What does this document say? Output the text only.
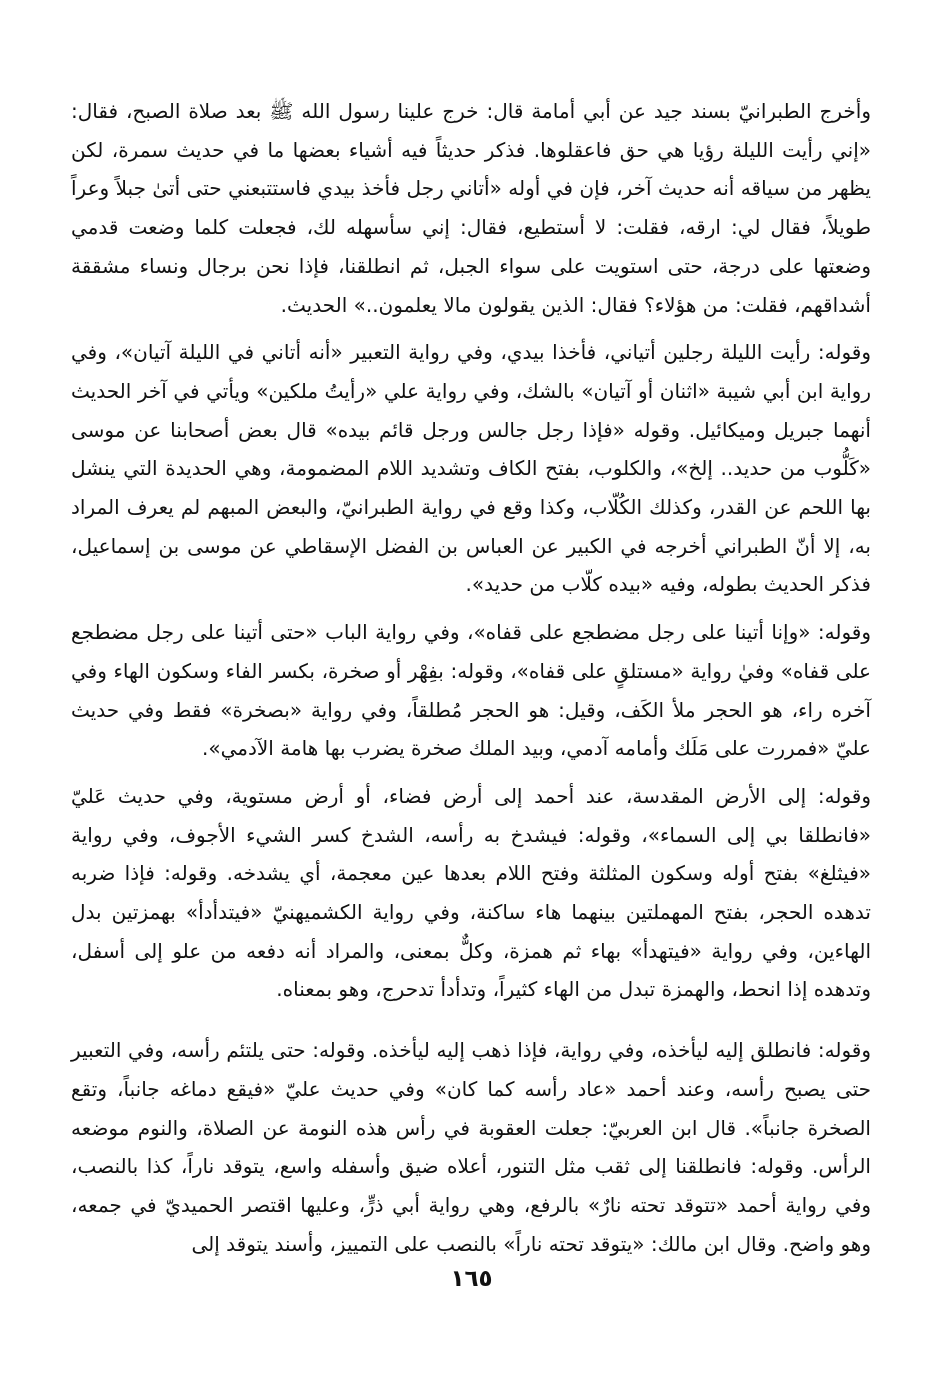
وأخرج الطبرانيّ بسند جيد عن أبي أمامة قال: خرج علينا رسول الله ﷺ بعد صلاة الصبح، فقال: «إني رأيت الليلة رؤيا هي حق فاعقلوها. فذكر حديثاً فيه أشياء بعضها ما في حديث سمرة، لكن يظهر من سياقه أنه حديث آخر، فإن في أوله «أتاني رجل فأخذ بيدي فاستتبعني حتى أتىٰ جبلاً وعراً طويلاً، فقال لي: ارقه، فقلت: لا أستطيع، فقال: إني سأسهله لك، فجعلت كلما وضعت قدمي وضعتها على درجة، حتى استويت على سواء الجبل، ثم انطلقنا، فإذا نحن برجال ونساء مشققة أشداقهم، فقلت: من هؤلاء؟ فقال: الذين يقولون مالا يعلمون..» الحديث.

وقوله: رأيت الليلة رجلين أتياني، فأخذا بيدي، وفي رواية التعبير «أنه أتاني في الليلة آتيان»، وفي رواية ابن أبي شيبة «اثنان أو آتيان» بالشك، وفي رواية علي «رأيتُ ملكين» ويأتي في آخر الحديث أنهما جبريل وميكائيل. وقوله «فإذا رجل جالس ورجل قائم بيده» قال بعض أصحابنا عن موسى «كَلُّوب من حديد.. إلخ»، والكلوب، بفتح الكاف وتشديد اللام المضمومة، وهي الحديدة التي ينشل بها اللحم عن القدر، وكذلك الكُلّاب، وكذا وقع في رواية الطبرانيّ، والبعض المبهم لم يعرف المراد به، إلا أنّ الطبراني أخرجه في الكبير عن العباس بن الفضل الإسقاطي عن موسى بن إسماعيل، فذكر الحديث بطوله، وفيه «بيده كلّاب من حديد».

وقوله: «وإنا أتينا على رجل مضطجع على قفاه»، وفي رواية الباب «حتى أتينا على رجل مضطجع على قفاه» وفيٰ رواية «مستلقٍ على قفاه»، وقوله: بفِهْر أو صخرة، بكسر الفاء وسكون الهاء وفي آخره راء، هو الحجر ملأ الكَف، وقيل: هو الحجر مُطلقاً، وفي رواية «بصخرة» فقط وفي حديث عليّ «فمررت على مَلَك وأمامه آدمي، وبيد الملك صخرة يضرب بها هامة الآدمي».

وقوله: إلى الأرض المقدسة، عند أحمد إلى أرض فضاء، أو أرض مستوية، وفي حديث عَليّ «فانطلقا بي إلى السماء»، وقوله: فيشدخ به رأسه، الشدخ كسر الشيء الأجوف، وفي رواية «فيثلغ» بفتح أوله وسكون المثلثة وفتح اللام بعدها عين معجمة، أي يشدخه. وقوله: فإذا ضربه تدهده الحجر، بفتح المهملتين بينهما هاء ساكنة، وفي رواية الكشميهنيّ «فيتدأدأ» بهمزتين بدل الهاءين، وفي رواية «فيتهدأ» بهاء ثم همزة، وكلٌّ بمعنى، والمراد أنه دفعه من علو إلى أسفل، وتدهده إذا انحط، والهمزة تبدل من الهاء كثيراً، وتدأدأ تدحرج، وهو بمعناه.

وقوله: فانطلق إليه ليأخذه، وفي رواية، فإذا ذهب إليه ليأخذه. وقوله: حتى يلتئم رأسه، وفي التعبير حتى يصبح رأسه، وعند أحمد «عاد رأسه كما كان» وفي حديث عليّ «فيقع دماغه جانباً، وتقع الصخرة جانباً». قال ابن العربيّ: جعلت العقوبة في رأس هذه النومة عن الصلاة، والنوم موضعه الرأس. وقوله: فانطلقنا إلى ثقب مثل التنور، أعلاه ضيق وأسفله واسع، يتوقد ناراً، كذا بالنصب، وفي رواية أحمد «تتوقد تحته نارٌ» بالرفع، وهي رواية أبي ذرٍّ، وعليها اقتصر الحميديّ في جمعه، وهو واضح. وقال ابن مالك: «يتوقد تحته ناراً» بالنصب على التمييز، وأسند يتوقد إلى

١٦٥
